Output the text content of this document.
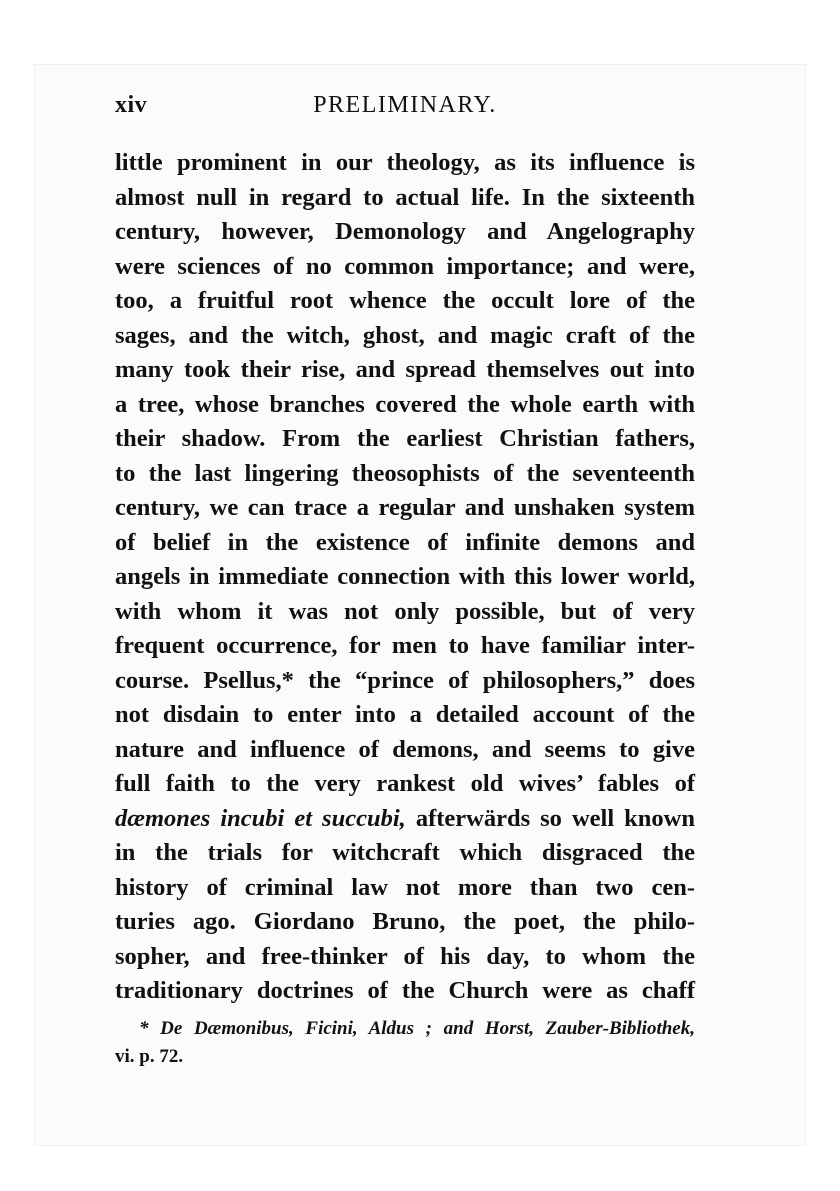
xiv	PRELIMINARY.
little prominent in our theology, as its influence is
almost null in regard to actual life. In the sixteenth
century, however, Demonology and Angelography
were sciences of no common importance; and were,
too, a fruitful root whence the occult lore of the
sages, and the witch, ghost, and magic craft of the
many took their rise, and spread themselves out into
a tree, whose branches covered the whole earth with
their shadow. From the earliest Christian fathers,
to the last lingering theosophists of the seventeenth
century, we can trace a regular and unshaken system
of belief in the existence of infinite demons and
angels in immediate connection with this lower world,
with whom it was not only possible, but of very
frequent occurrence, for men to have familiar inter-
course. Psellus,* the “prince of philosophers,” does
not disdain to enter into a detailed account of the
nature and influence of demons, and seems to give
full faith to the very rankest old wives’ fables of
dæmones incubi et succubi, afterwärds so well known
in the trials for witchcraft which disgraced the
history of criminal law not more than two cen-
turies ago. Giordano Bruno, the poet, the philo-
sopher, and free-thinker of his day, to whom the
traditionary doctrines of the Church were as chaff
* De Dæmonibus, Ficini, Aldus ; and Horst, Zauber-Bibliothek,
vi. p. 72.
